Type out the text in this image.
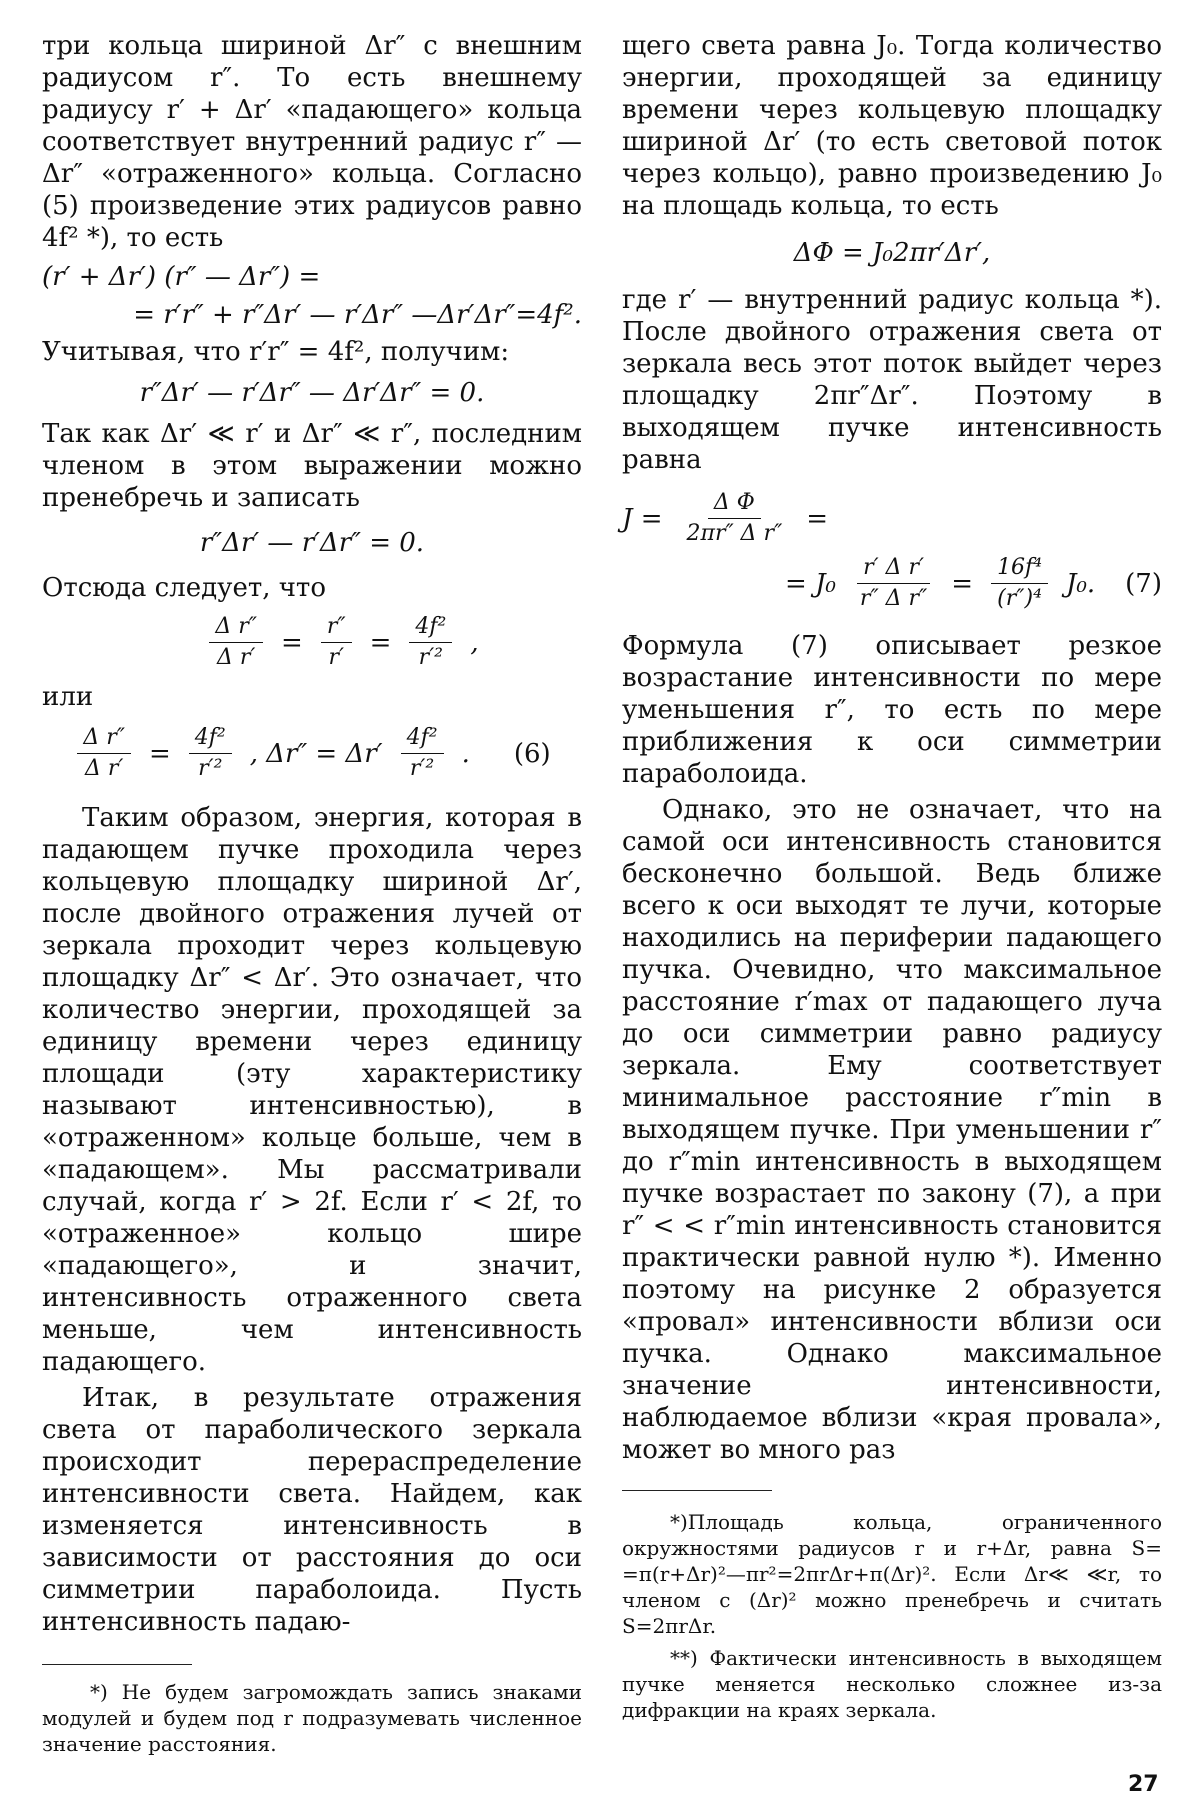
три кольца шириной Δr″ с внешним радиусом r″. То есть внешнему радиусу r′ + Δr′ «падающего» кольца соответствует внутренний радиус r″ — Δr″ «отраженного» кольца. Согласно (5) произведение этих радиусов равно 4f² *), то есть

(r′ + Δr′) (r″ — Δr″) =
= r′r″ + r″Δr′ — r′Δr″ —Δr′Δr″=4f².

Учитывая, что r′r″ = 4f², получим:

r″Δr′ — r′Δr″ — Δr′Δr″ = 0.

Так как Δr′ ≪ r′ и Δr″ ≪ r″, последним членом в этом выражении можно пренебречь и записать

r″Δr′ — r′Δr″ = 0.

Отсюда следует, что

$\frac{\text{Δ r″}}{\text{Δ r′}} = \frac{r''}{r'} = \frac{\text{4f²}}{\text{r′²}}$ ,

или

$\frac{\text{Δ r″}}{\text{Δ r′}} = \frac{\text{4f²}}{\text{r′²}}$ , $\Delta r'' = \Delta r' \frac{\text{4f²}}{\text{r′²}}$ . (6)

Таким образом, энергия, которая в падающем пучке проходила через кольцевую площадку шириной Δr′, после двойного отражения лучей от зеркала проходит через кольцевую площадку Δr″ < Δr′. Это означает, что количество энергии, проходящей за единицу времени через единицу площади (эту характеристику называют интенсивностью), в «отраженном» кольце больше, чем в «падающем». Мы рассматривали случай, когда r′ > 2f. Если r′ < 2f, то «отраженное» кольцо шире «падающего», и значит, интенсивность отраженного света меньше, чем интенсивность падающего.

Итак, в результате отражения света от параболического зеркала происходит перераспределение интенсивности света. Найдем, как изменяется интенсивность в зависимости от расстояния до оси симметрии параболоида. Пусть интенсивность падаю-

*) Не будем загромождать запись знаками модулей и будем под r подразумевать численное значение расстояния.

щего света равна J₀. Тогда количество энергии, проходящей за единицу времени через кольцевую площадку шириной Δr′ (то есть световой поток через кольцо), равно произведению J₀ на площадь кольца, то есть

ΔΦ = J₀2πr′Δr′,

где r′ — внутренний радиус кольца *). После двойного отражения света от зеркала весь этот поток выйдет через площадку 2πr″Δr″. Поэтому в выходящем пучке интенсивность равна

$J = \frac{\text{Δ Φ}}{\text{2πr″ Δ r″}}$ =
= $J_0 \frac{\text{r′ Δ r′}}{\text{r″ Δ r″}} = \frac{\text{16f⁴}}{\text{(r″)⁴}} J_0$. (7)

Формула (7) описывает резкое возрастание интенсивности по мере уменьшения r″, то есть по мере приближения к оси симметрии параболоида.

Однако, это не означает, что на самой оси интенсивность становится бесконечно большой. Ведь ближе всего к оси выходят те лучи, которые находились на периферии падающего пучка. Очевидно, что максимальное расстояние r′max от падающего луча до оси симметрии равно радиусу зеркала. Ему соответствует минимальное расстояние r″min в выходящем пучке. При уменьшении r″ до r″min интенсивность в выходящем пучке возрастает по закону (7), а при r″ < < r″min интенсивность становится практически равной нулю *). Именно поэтому на рисунке 2 образуется «провал» интенсивности вблизи оси пучка. Однако максимальное значение интенсивности, наблюдаемое вблизи «края провала», может во много раз

*)Площадь кольца, ограниченного окружностями радиусов r и r+Δr, равна S= =π(r+Δr)²—πr²=2πrΔr+π(Δr)². Если Δr≪ ≪r, то членом с (Δr)² можно пренебречь и считать S=2πrΔr.

**) Фактически интенсивность в выходящем пучке меняется несколько сложнее из-за дифракции на краях зеркала.

27
